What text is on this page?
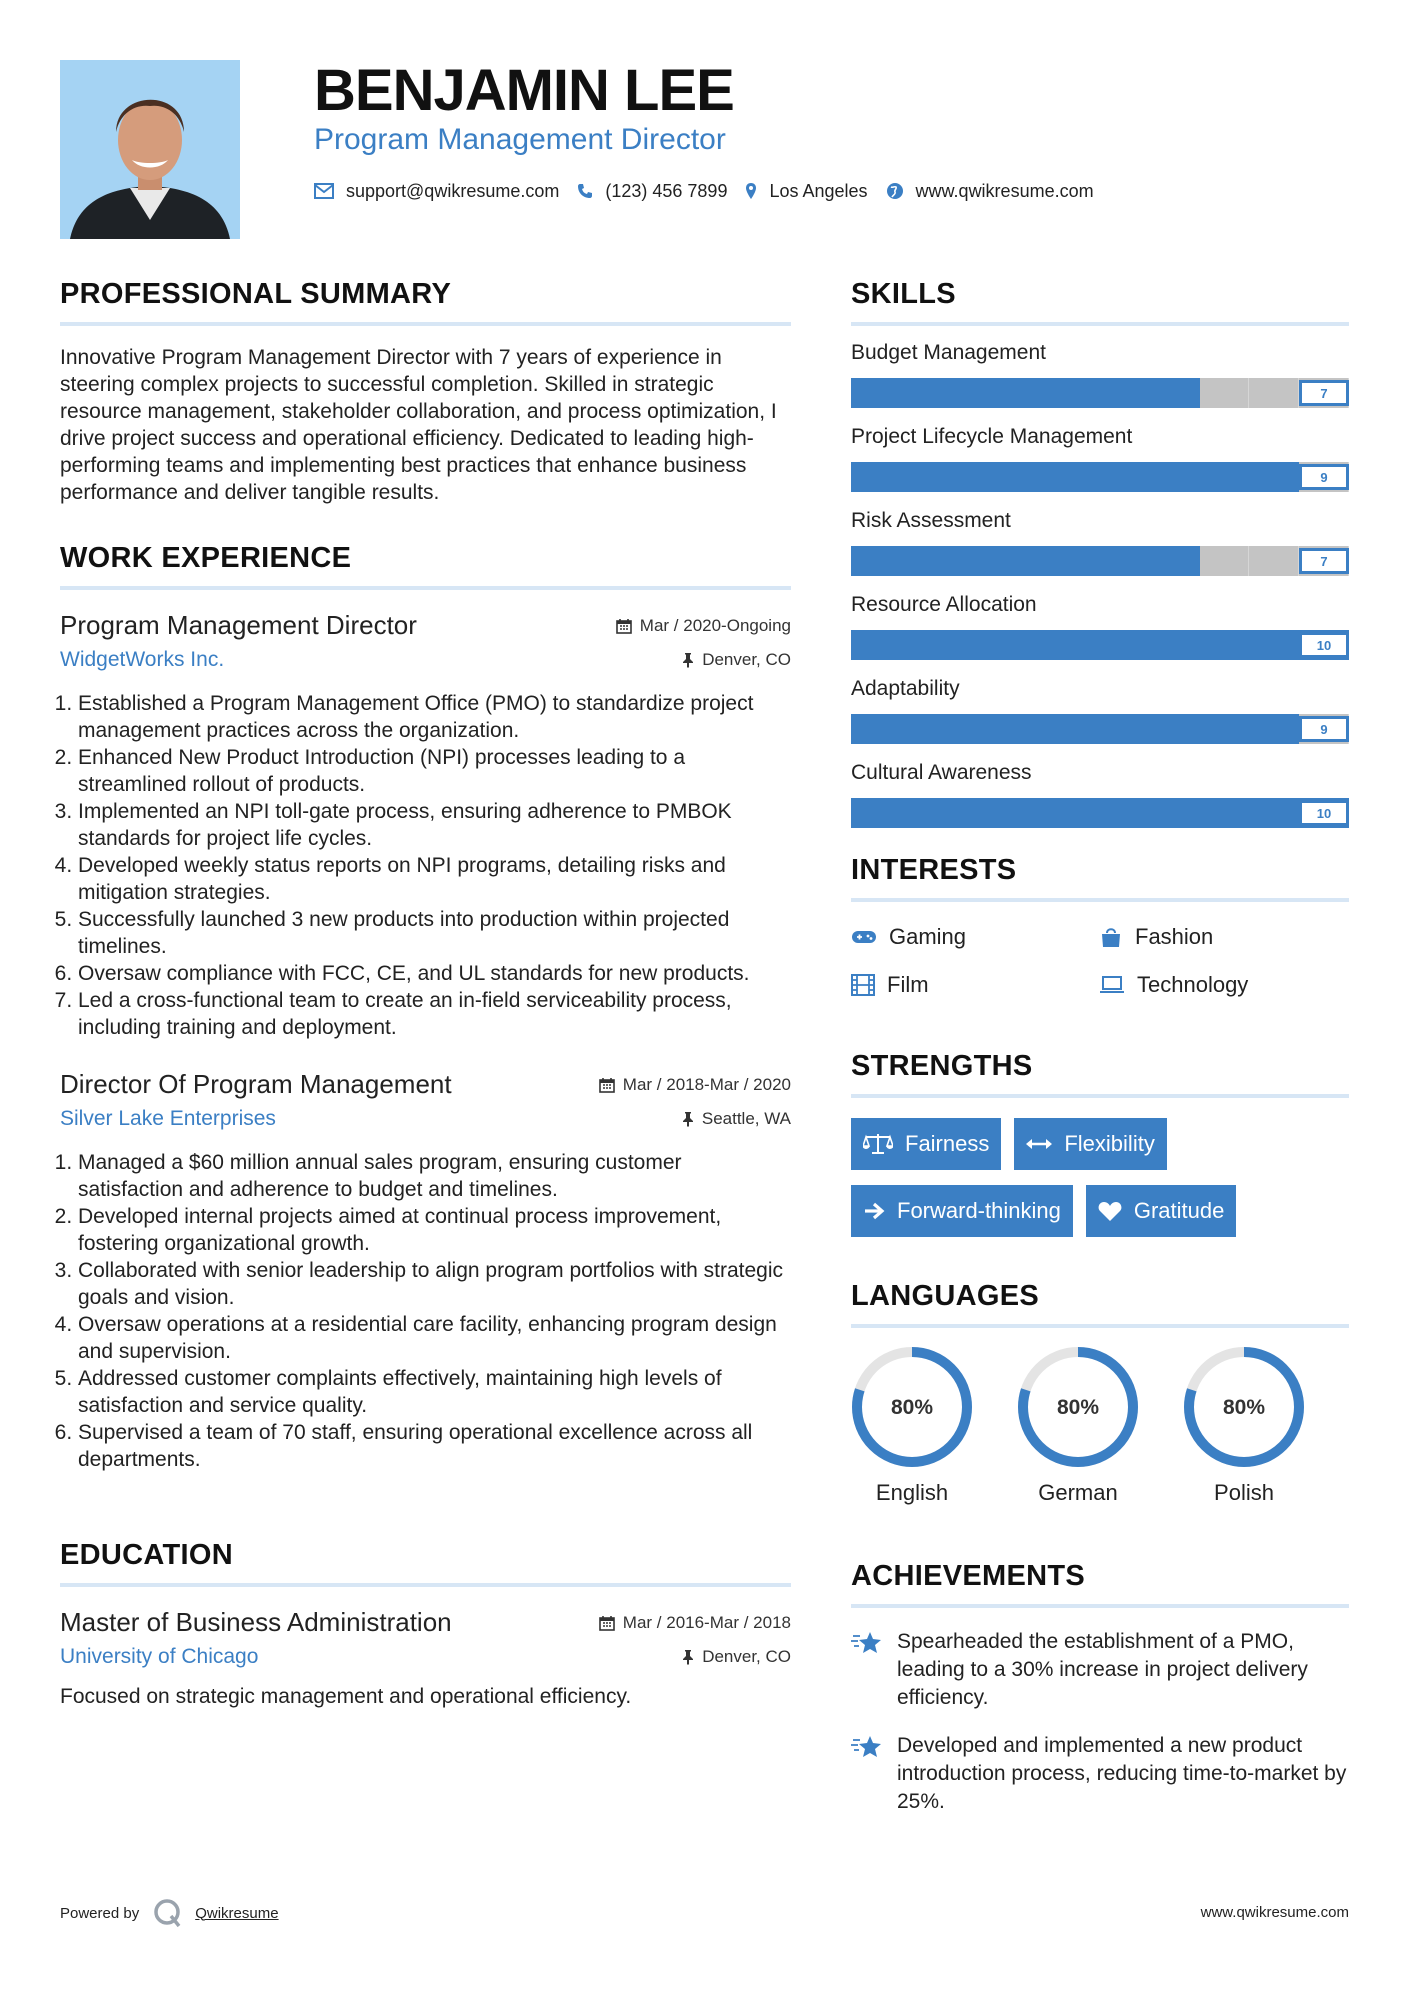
BENJAMIN LEE
Program Management Director
support@qwikresume.com	(123) 456 7899 Los Angeles	www.qwikresume.com
PROFESSIONAL SUMMARY

Innovative Program Management Director with 7 years of experience in steering complex projects to successful completion. Skilled in strategic resource management, stakeholder collaboration, and process optimization, I drive project success and operational efficiency. Dedicated to leading high-performing teams and implementing best practices that enhance business performance and deliver tangible results.

WORK EXPERIENCE
Program Management Director
WidgetWorks Inc.
Mar / 2020-Ongoing
Denver, CO
1. Established a Program Management Office (PMO) to standardize project management practices across the organization.
2. Enhanced New Product Introduction (NPI) processes leading to a streamlined rollout of products.
3. Implemented an NPI toll-gate process, ensuring adherence to PMBOK standards for project life cycles.
4. Developed weekly status reports on NPI programs, detailing risks and mitigation strategies.
5. Successfully launched 3 new products into production within projected timelines.
6. Oversaw compliance with FCC, CE, and UL standards for new products.
7. Led a cross-functional team to create an in-field serviceability process, including training and deployment.
Director Of Program Management
Silver Lake Enterprises
Mar / 2018-Mar / 2020
Seattle, WA
1. Managed a $60 million annual sales program, ensuring customer satisfaction and adherence to budget and timelines.
2. Developed internal projects aimed at continual process improvement, fostering organizational growth.
3. Collaborated with senior leadership to align program portfolios with strategic goals and vision.
4. Oversaw operations at a residential care facility, enhancing program design and supervision.
5. Addressed customer complaints effectively, maintaining high levels of satisfaction and service quality.
6. Supervised a team of 70 staff, ensuring operational excellence across all departments.
EDUCATION
Master of Business Administration
University of Chicago
Mar / 2016-Mar / 2018
Denver, CO

Focused on strategic management and operational efficiency.

SKILLS
Budget Management
7
Project Lifecycle Management
9
Risk Assessment
7
Resource Allocation
10
Adaptability
9
Cultural Awareness
10
INTERESTS
Gaming	Fashion
Film	Technology
STRENGTHS
Fairness	Flexibility
Forward-thinking	Gratitude
LANGUAGES
80%
English
80%
German
80%
Polish
ACHIEVEMENTS
Spearheaded the establishment of a PMO, leading to a 30% increase in project delivery efficiency.
Developed and implemented a new product introduction process, reducing time-to-market by 25%.
Powered by	Qwikresume	www.qwikresume.com
